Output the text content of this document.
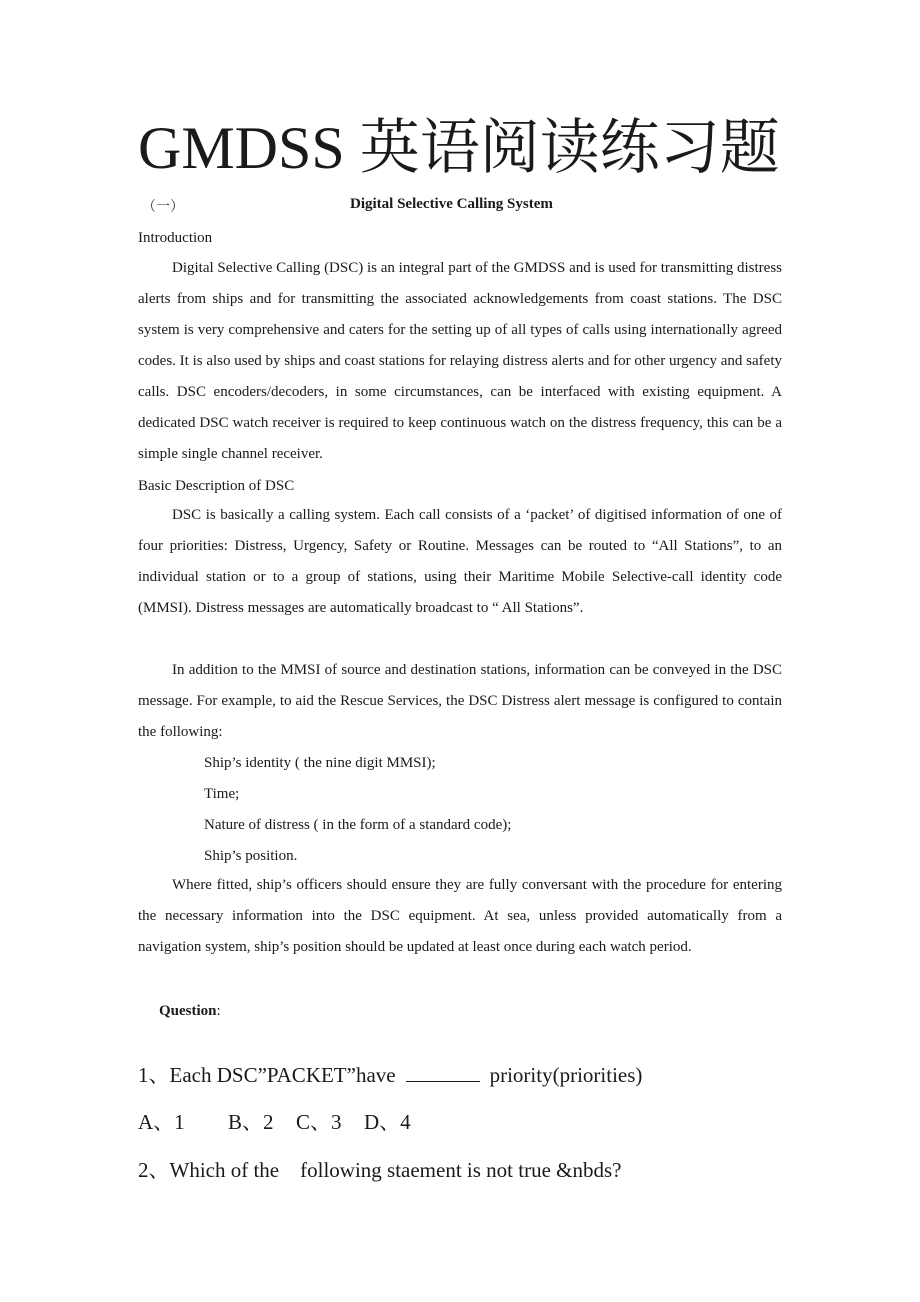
GMDSS 英语阅读练习题
（一）	Digital Selective Calling System
Introduction

Digital Selective Calling (DSC) is an integral part of the GMDSS and is used for transmitting distress alerts from ships and for transmitting the associated acknowledgements from coast stations. The DSC system is very comprehensive and caters for the setting up of all types of calls using internationally agreed codes. It is also used by ships and coast stations for relaying distress alerts and for other urgency and safety calls. DSC encoders/decoders, in some circumstances, can be interfaced with existing equipment. A dedicated DSC watch receiver is required to keep continuous watch on the distress frequency, this can be a simple single channel receiver.

Basic Description of DSC

DSC is basically a calling system. Each call consists of a ‘packet’ of digitised information of one of four priorities: Distress, Urgency, Safety or Routine. Messages can be routed to “All Stations”, to an individual station or to a group of stations, using their Maritime Mobile Selective-call identity code (MMSI). Distress messages are automatically broadcast to “ All Stations”.

In addition to the MMSI of source and destination stations, information can be conveyed in the DSC message. For example, to aid the Rescue Services, the DSC Distress alert message is configured to contain the following:

Ship’s identity ( the nine digit MMSI);
Time;
Nature of distress ( in the form of a standard code);
Ship’s position.

Where fitted, ship’s officers should ensure they are fully conversant with the procedure for entering the necessary information into the DSC equipment. At sea, unless provided automatically from a navigation system, ship’s position should be updated at least once during each watch period.

Question:
1、Each DSC”PACKET”have	priority(priorities)
A、1 B、2 C、3 D、4
2、Which of the    following staement is not true &nbds?
